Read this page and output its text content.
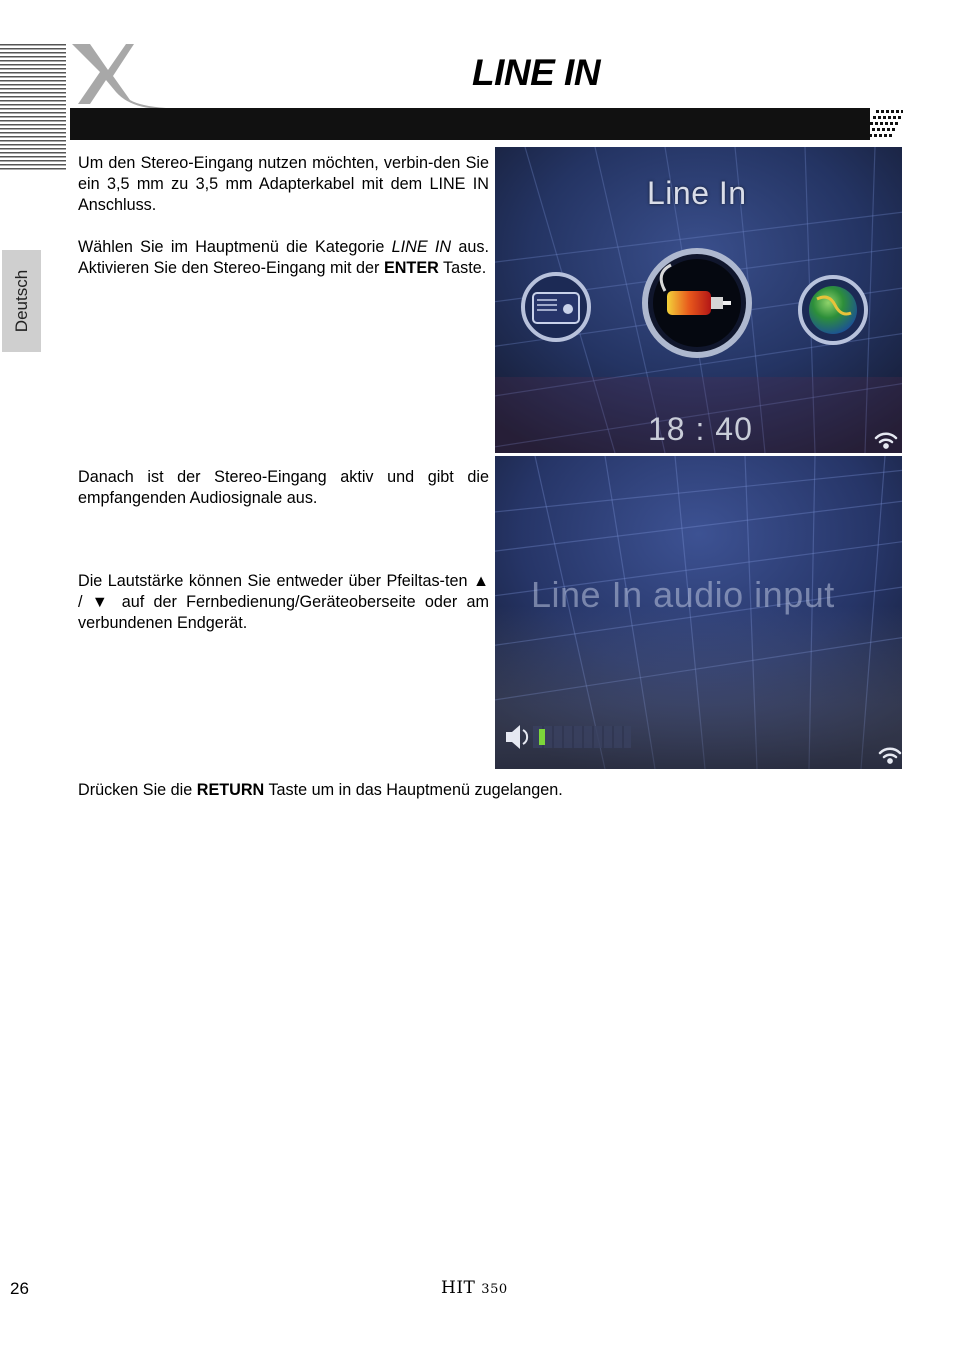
LINE IN
Deutsch
Um den Stereo-Eingang nutzen möchten, verbin-den Sie ein 3,5 mm zu 3,5 mm Adapterkabel mit dem LINE IN Anschluss.
Wählen Sie im Hauptmenü die Kategorie LINE IN aus. Aktivieren Sie den Stereo-Eingang mit der ENTER Taste.
Danach ist der Stereo-Eingang aktiv und gibt die empfangenden Audiosignale aus.
Die Lautstärke können Sie entweder über Pfeiltas-ten ▲ / ▼ auf der Fernbedienung/Geräteoberseite oder am verbundenen Endgerät.
Drücken Sie die RETURN Taste um in das Hauptmenü zugelangen.
Line In
18 : 40
Line In audio input
26	HIT 350
